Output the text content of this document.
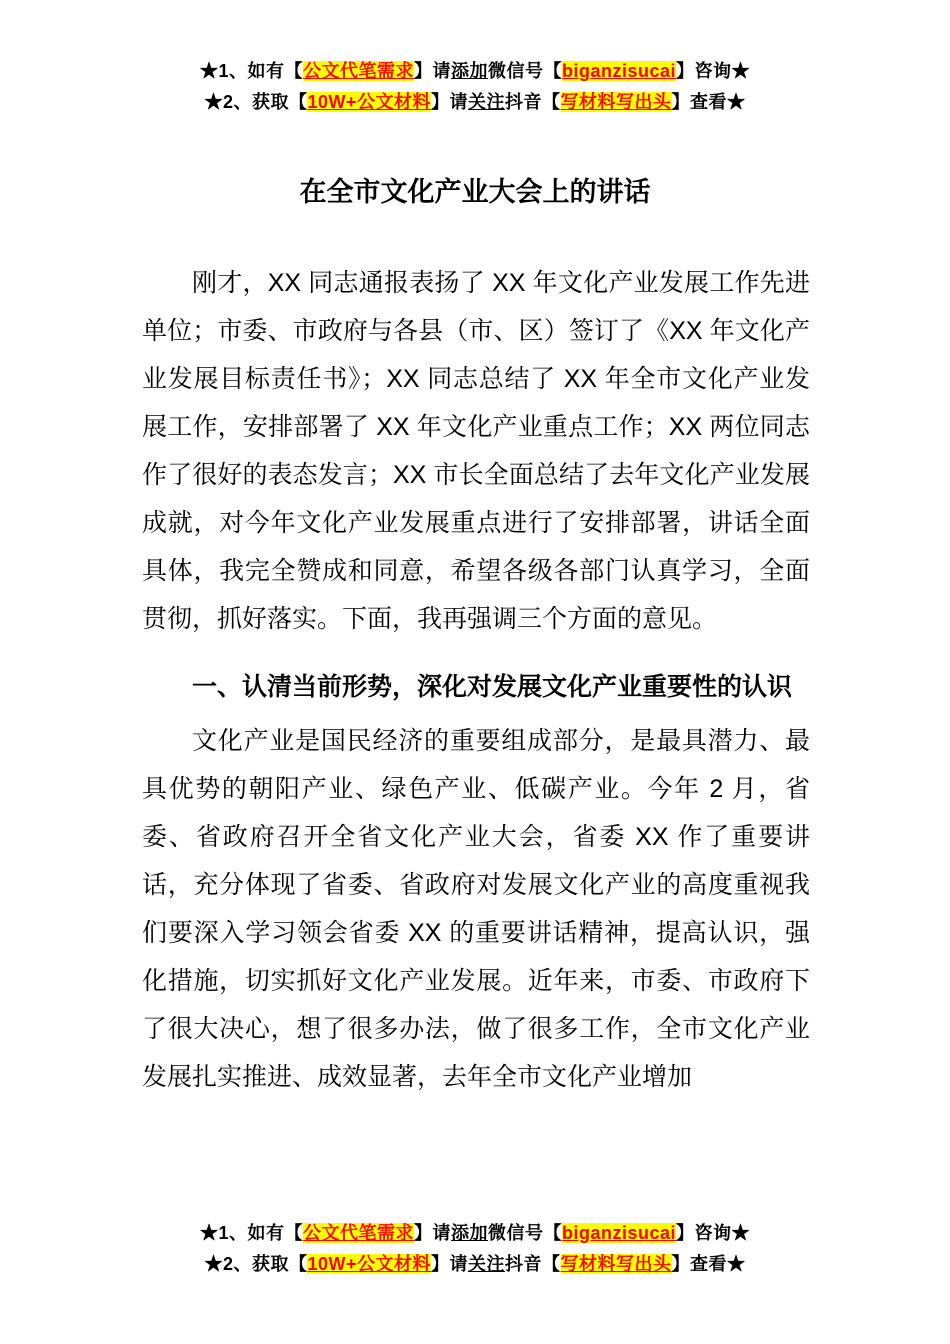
★1、如有【公文代笔需求】请添加微信号【biganzisucai】咨询★
★2、获取【10W+公文材料】请关注抖音【写材料写出头】查看★
在全市文化产业大会上的讲话

刚才，XX 同志通报表扬了 XX 年文化产业发展工作先进单位；市委、市政府与各县（市、区）签订了《XX 年文化产业发展目标责任书》；XX 同志总结了 XX 年全市文化产业发展工作，安排部署了 XX 年文化产业重点工作；XX 两位同志作了很好的表态发言；XX 市长全面总结了去年文化产业发展成就，对今年文化产业发展重点进行了安排部署，讲话全面具体，我完全赞成和同意，希望各级各部门认真学习，全面贯彻，抓好落实。下面，我再强调三个方面的意见。

一、认清当前形势，深化对发展文化产业重要性的认识

文化产业是国民经济的重要组成部分，是最具潜力、最具优势的朝阳产业、绿色产业、低碳产业。今年 2 月，省委、省政府召开全省文化产业大会，省委 XX 作了重要讲话，充分体现了省委、省政府对发展文化产业的高度重视我们要深入学习领会省委 XX 的重要讲话精神，提高认识，强化措施，切实抓好文化产业发展。近年来，市委、市政府下了很大决心，想了很多办法，做了很多工作，全市文化产业发展扎实推进、成效显著，去年全市文化产业增加

★1、如有【公文代笔需求】请添加微信号【biganzisucai】咨询★
★2、获取【10W+公文材料】请关注抖音【写材料写出头】查看★
